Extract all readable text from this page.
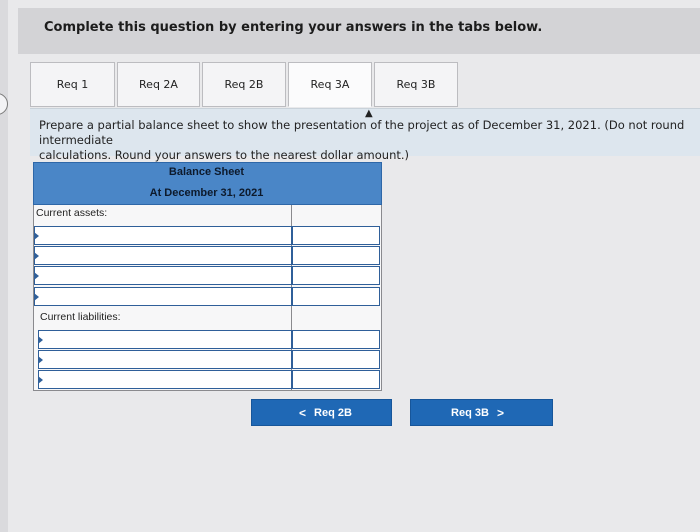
Complete this question by entering your answers in the tabs below.
Req 1	Req 2A	Req 2B	Req 3A	Req 3B
Prepare a partial balance sheet to show the presentation of the project as of December 31, 2021. (Do not round intermediate
calculations. Round your answers to the nearest dollar amount.)
▲
Balance Sheet
At December 31, 2021
Current assets:
Current liabilities:
< Req 2B	Req 3B >
